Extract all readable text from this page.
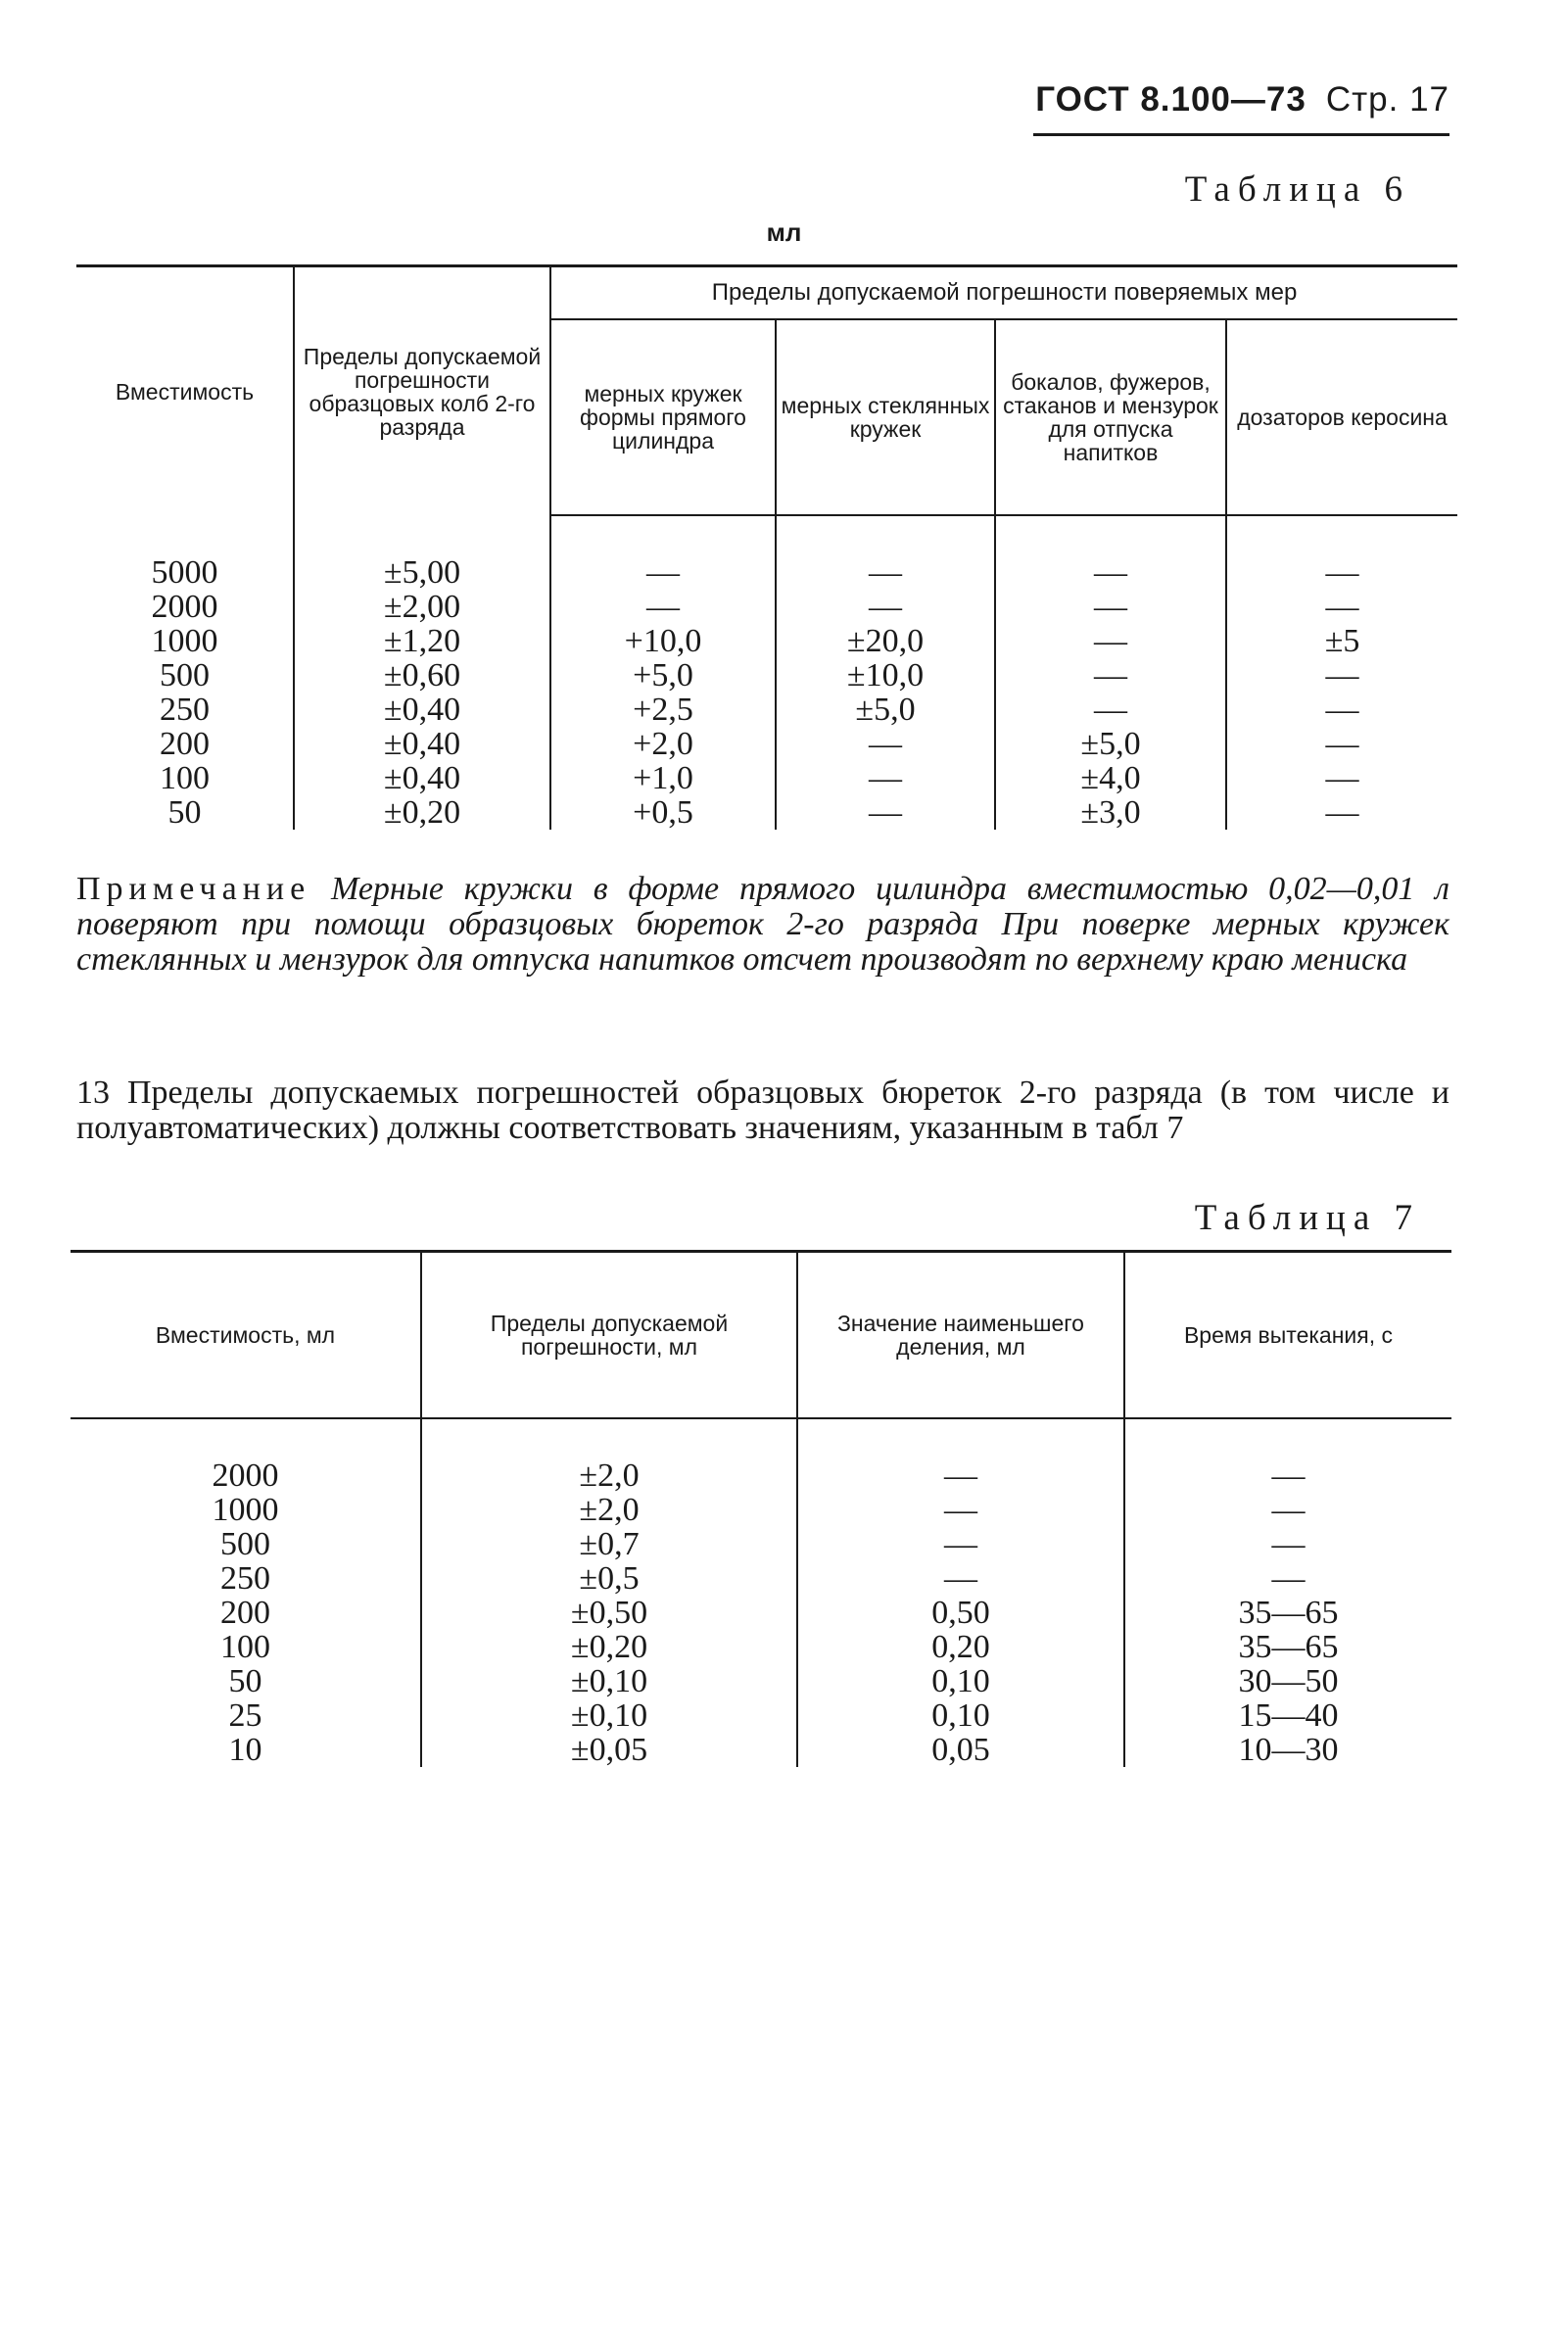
ГОСТ 8.100—73 Стр. 17
Таблица 6
мл
Вместимость	Пределы допускаемой погрешности образцовых колб 2-го разряда	Пределы допускаемой погрешности поверяемых мер			
		мерных кружек формы прямого цилиндра	мерных стеклянных кружек	бокалов, фужеров, стаканов и мензурок для отпуска напитков	дозаторов керосина

5000	±5,00	—	—	—	—
2000	±2,00	—	—	—	—
1000	±1,20	+10,0	±20,0	—	±5
500	±0,60	+5,0	±10,0	—	—
250	±0,40	+2,5	±5,0	—	—
200	±0,40	+2,0	—	±5,0	—
100	±0,40	+1,0	—	±4,0	—
50	±0,20	+0,5	—	±3,0	—
Примечание Мерные кружки в форме прямого цилиндра вместимостью 0,02—0,01 л поверяют при помощи образцовых бюреток 2-го разряда При поверке мерных кружек стеклянных и мензурок для отпуска напитков отсчет производят по верхнему краю мениска
13 Пределы допускаемых погрешностей образцовых бюреток 2-го разряда (в том числе и полуавтоматических) должны соответствовать значениям, указанным в табл 7
Таблица 7
Вместимость, мл	Пределы допускаемой погрешности, мл	Значение наименьшего деления, мл	Время вытекания, с

2000	±2,0	—	—
1000	±2,0	—	—
500	±0,7	—	—
250	±0,5	—	—
200	±0,50	0,50	35—65
100	±0,20	0,20	35—65
50	±0,10	0,10	30—50
25	±0,10	0,10	15—40
10	±0,05	0,05	10—30
